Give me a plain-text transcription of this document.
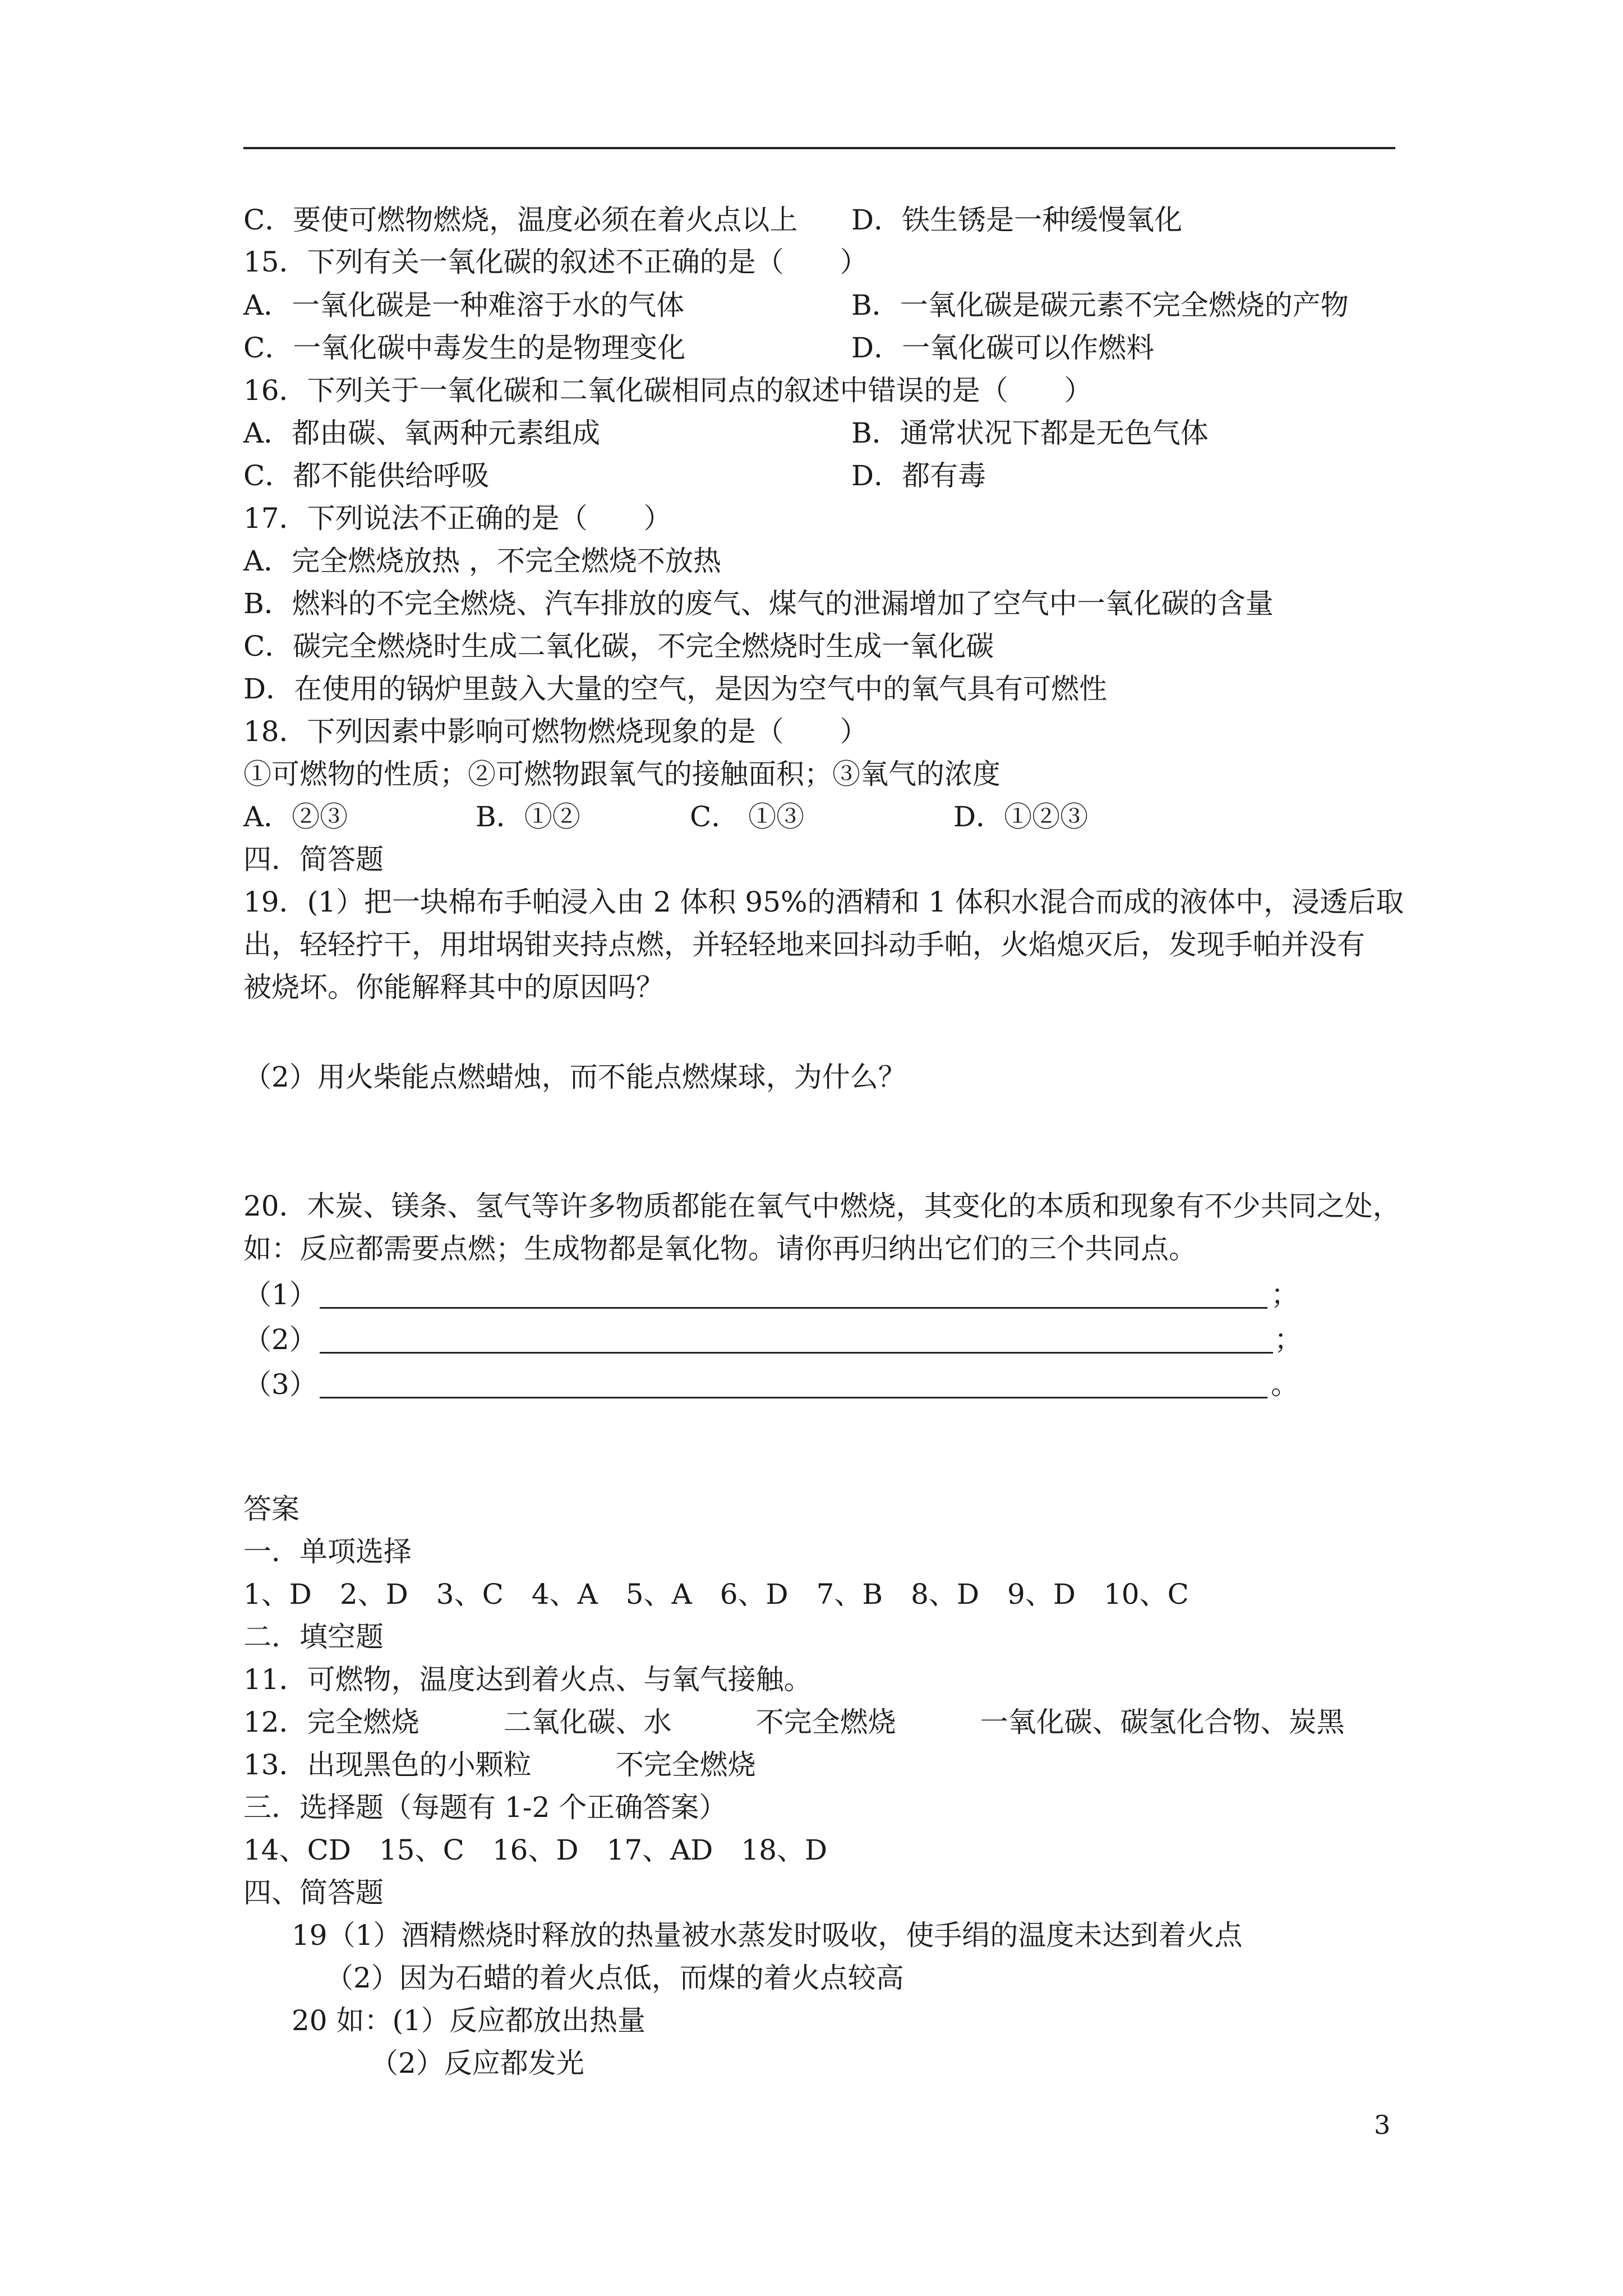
C．要使可燃物燃烧，温度必须在着火点以上 D．铁生锈是一种缓慢氧化
15．下列有关一氧化碳的叙述不正确的是（　　）
A．一氧化碳是一种难溶于水的气体	B．一氧化碳是碳元素不完全燃烧的产物
C．一氧化碳中毒发生的是物理变化	D．一氧化碳可以作燃料
16．下列关于一氧化碳和二氧化碳相同点的叙述中错误的是（　　）
A．都由碳、氧两种元素组成	B．通常状况下都是无色气体
C．都不能供给呼吸	D．都有毒
17．下列说法不正确的是（　　）
A．完全燃烧放热 ，不完全燃烧不放热
B．燃料的不完全燃烧、汽车排放的废气、煤气的泄漏增加了空气中一氧化碳的含量
C．碳完全燃烧时生成二氧化碳，不完全燃烧时生成一氧化碳
D．在使用的锅炉里鼓入大量的空气，是因为空气中的氧气具有可燃性
18．下列因素中影响可燃物燃烧现象的是（　　）
①可燃物的性质；②可燃物跟氧气的接触面积；③氧气的浓度
A．②③	B．①②	C． ①③	D．①②③
四．简答题
19．(1）把一块棉布手帕浸入由 2 体积 95%的酒精和 1 体积水混合而成的液体中，浸透后取
出，轻轻拧干，用坩埚钳夹持点燃，并轻轻地来回抖动手帕，火焰熄灭后，发现手帕并没有
被烧坏。你能解释其中的原因吗？
（2）用火柴能点燃蜡烛，而不能点燃煤球，为什么？
20．木炭、镁条、氢气等许多物质都能在氧气中燃烧，其变化的本质和现象有不少共同之处，
如：反应都需要点燃；生成物都是氧化物。请你再归纳出它们的三个共同点。
（1）	；
（2）	；
（3）	。
答案
一．单项选择
1、D　2、D　3、C　4、A　5、A　6、D　7、B　8、D　9、D　10、C
二．填空题
11．可燃物，温度达到着火点、与氧气接触。
12．完全燃烧　　　二氧化碳、水　　　不完全燃烧　　　一氧化碳、碳氢化合物、炭黑
13．出现黑色的小颗粒　　　不完全燃烧
三．选择题（每题有 1-2 个正确答案）
14、CD　15、C　16、D　17、AD　18、D
四、简答题
19（1）酒精燃烧时释放的热量被水蒸发时吸收，使手绢的温度未达到着火点
（2）因为石蜡的着火点低，而煤的着火点较高
20 如：(1）反应都放出热量
（2）反应都发光
3
